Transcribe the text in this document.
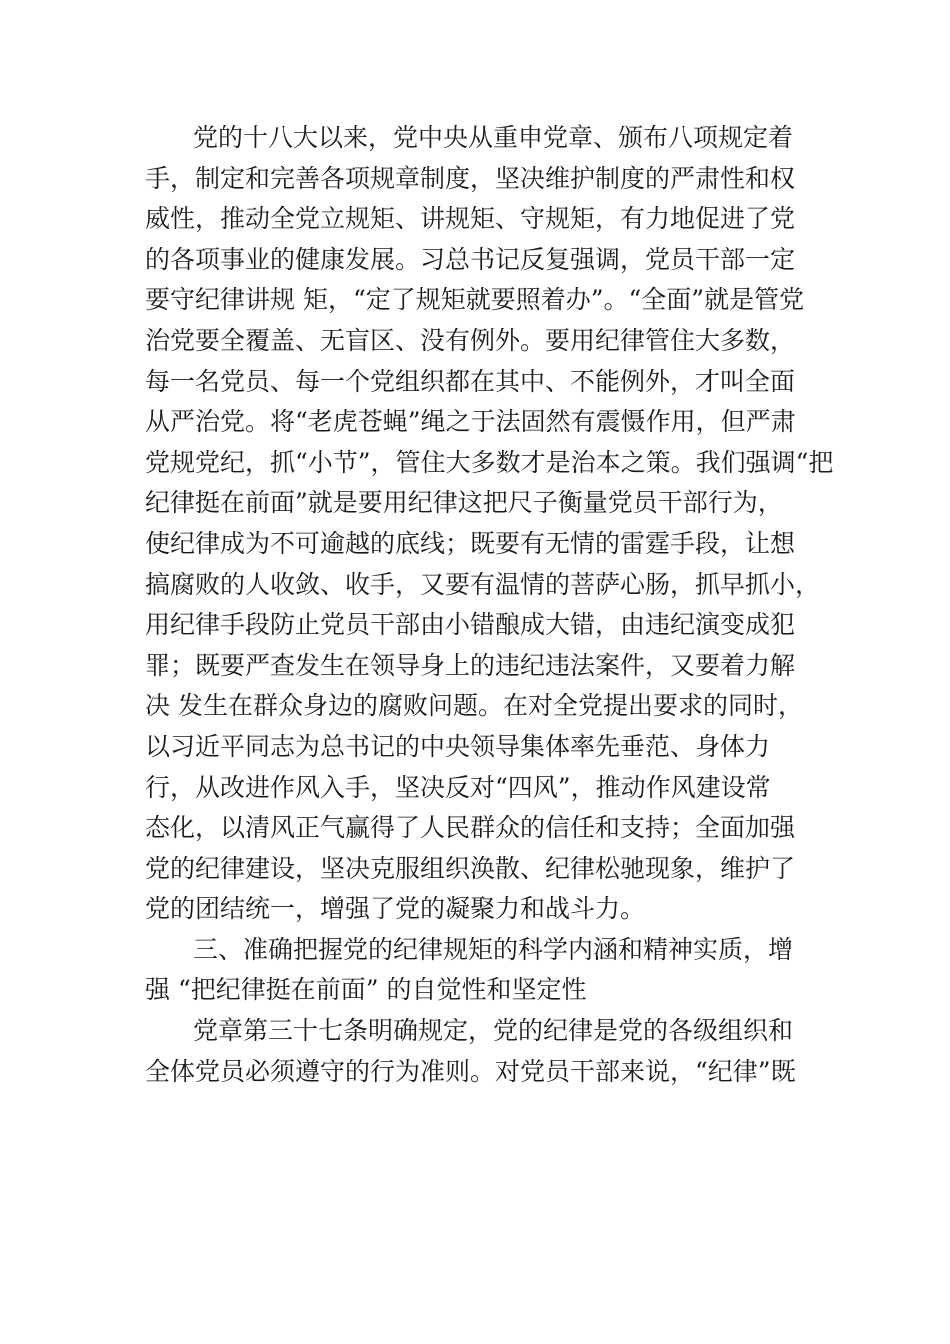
党的十八大以来，党中央从重申党章、颁布八项规定着
手，制定和完善各项规章制度，坚决维护制度的严肃性和权
威性，推动全党立规矩、讲规矩、守规矩，有力地促进了党
的各项事业的健康发展。习总书记反复强调，党员干部一定
要守纪律讲规 矩，“定了规矩就要照着办”。“全面”就是管党
治党要全覆盖、无盲区、没有例外。要用纪律管住大多数，
每一名党员、每一个党组织都在其中、不能例外，才叫全面
从严治党。将“老虎苍蝇”绳之于法固然有震慑作用，但严肃
党规党纪，抓“小节”，管住大多数才是治本之策。我们强调“把
纪律挺在前面”就是要用纪律这把尺子衡量党员干部行为，
使纪律成为不可逾越的底线；既要有无情的雷霆手段，让想
搞腐败的人收敛、收手，又要有温情的菩萨心肠，抓早抓小，
用纪律手段防止党员干部由小错酿成大错，由违纪演变成犯
罪；既要严查发生在领导身上的违纪违法案件，又要着力解
决 发生在群众身边的腐败问题。在对全党提出要求的同时，
以习近平同志为总书记的中央领导集体率先垂范、身体力
行，从改进作风入手，坚决反对“四风”，推动作风建设常
态化，以清风正气赢得了人民群众的信任和支持；全面加强
党的纪律建设，坚决克服组织涣散、纪律松驰现象，维护了
党的团结统一，增强了党的凝聚力和战斗力。
三、准确把握党的纪律规矩的科学内涵和精神实质，增
强 “把纪律挺在前面” 的自觉性和坚定性
党章第三十七条明确规定，党的纪律是党的各级组织和
全体党员必须遵守的行为准则。对党员干部来说，“纪律”既
